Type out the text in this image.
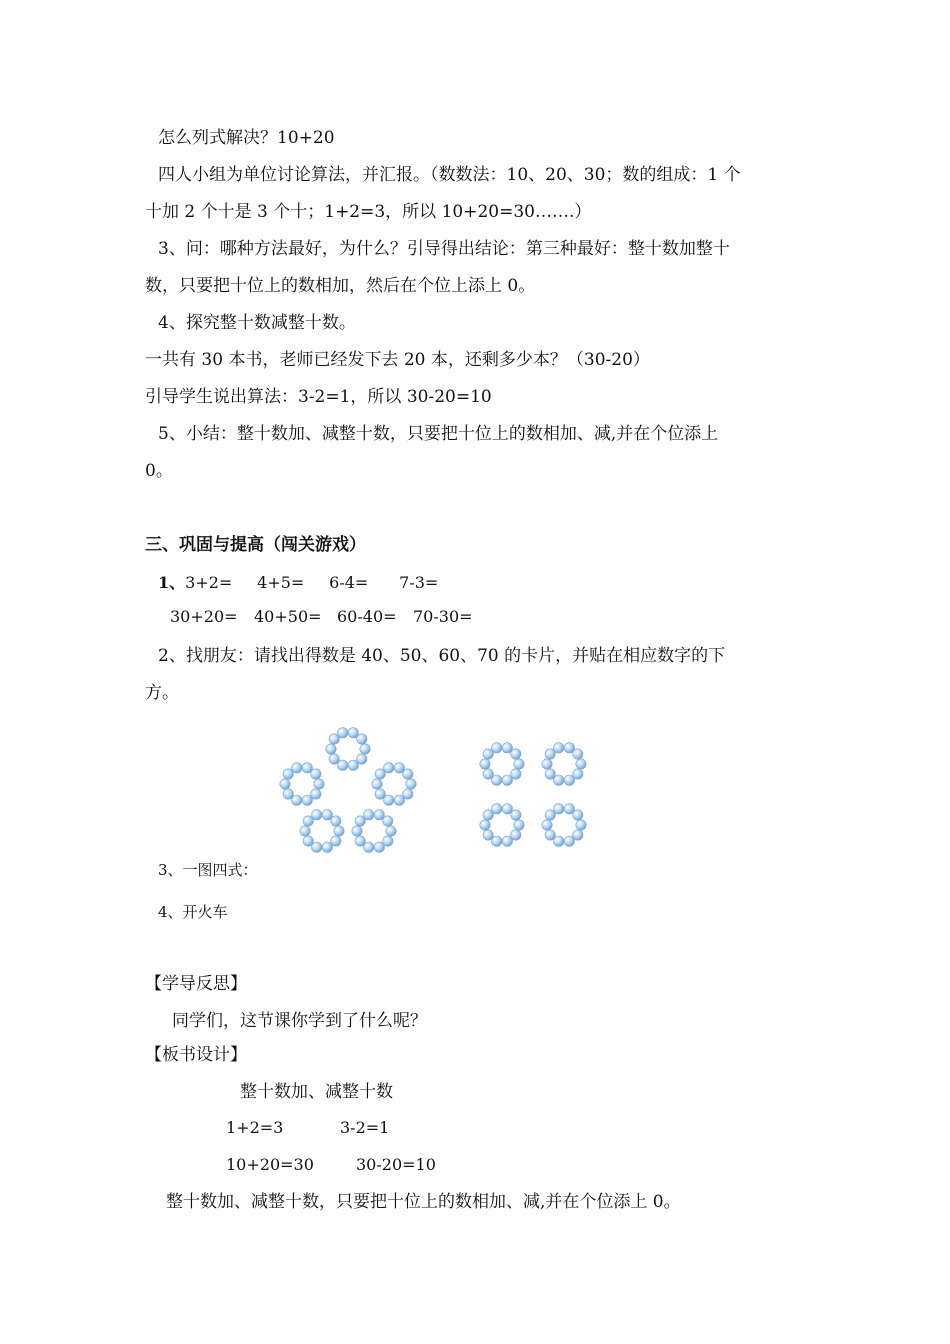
怎么列式解决？10+20
四人小组为单位讨论算法，并汇报。（数数法：10、20、30；数的组成：1 个
十加 2 个十是 3 个十；1+2=3，所以 10+20=30…….）
3、问：哪种方法最好，为什么？引导得出结论：第三种最好：整十数加整十
数，只要把十位上的数相加，然后在个位上添上 0。
4、探究整十数减整十数。
一共有 30 本书，老师已经发下去 20 本，还剩多少本？（30-20）
引导学生说出算法：3-2=1，所以 30-20=10
5、小结：整十数加、减整十数，只要把十位上的数相加、减,并在个位添上
0。
三、巩固与提高（闯关游戏）
1、3+2= 4+5= 6-4= 7-3=
30+20= 40+50= 60-40= 70-30=
2、找朋友：请找出得数是 40、50、60、70 的卡片，并贴在相应数字的下
方。
3、一图四式：
4、开火车
【学导反思】
同学们，这节课你学到了什么呢？
【板书设计】
整十数加、减整十数
1+2=3	3-2=1
10+20=30	30-20=10
整十数加、减整十数，只要把十位上的数相加、减,并在个位添上 0。
